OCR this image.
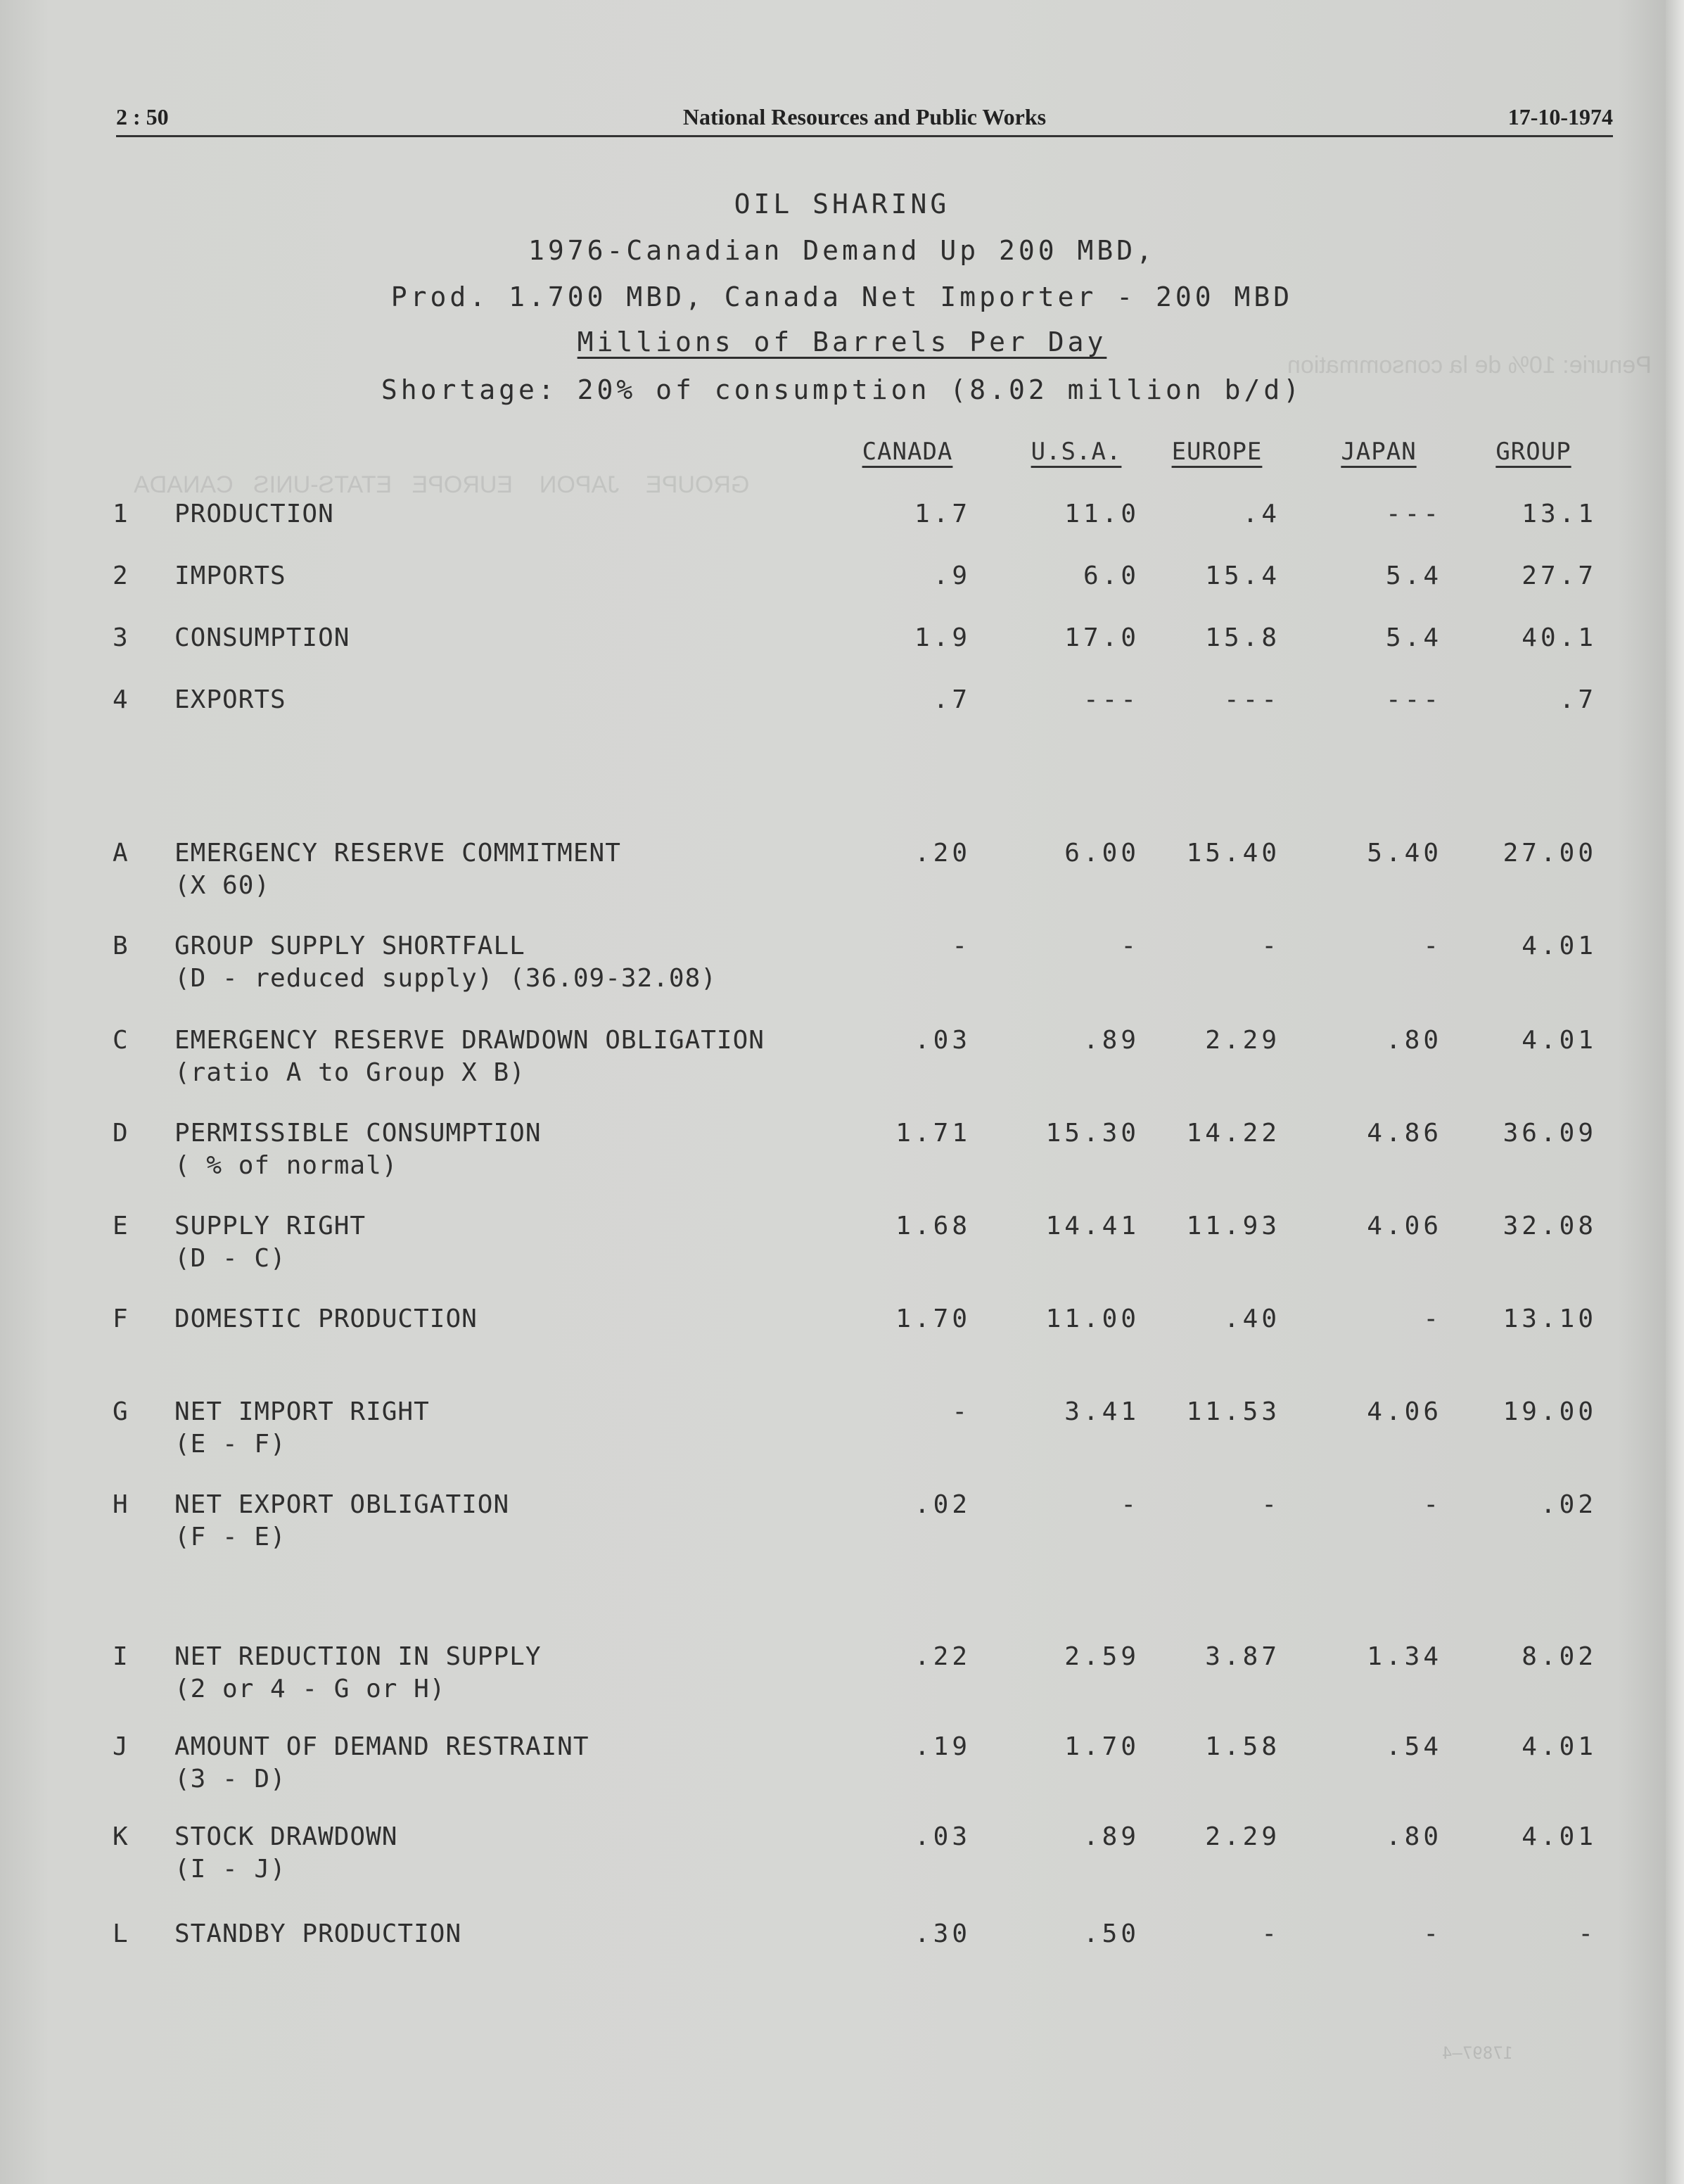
2 : 50	National Resources and Public Works	17-10-1974
OIL SHARING
1976-Canadian Demand Up 200 MBD,
Prod. 1.700 MBD, Canada Net Importer - 200 MBD
Millions of Barrels Per Day
Shortage: 20% of consumption (8.02 million b/d)
CANADA	U.S.A. EUROPE	JAPAN	GROUP
1 PRODUCTION	1.7	11.0	.4	---	13.1
2 IMPORTS	.9	6.0	15.4	5.4	27.7
3 CONSUMPTION	1.9	17.0	15.8	5.4	40.1
4 EXPORTS	.7	---	---	---	.7
A EMERGENCY RESERVE COMMITMENT
(X 60)
.20	6.00	15.40	5.40	27.00
B GROUP SUPPLY SHORTFALL
(D - reduced supply) (36.09-32.08)
-	-	-	-	4.01
C EMERGENCY RESERVE DRAWDOWN OBLIGATION
(ratio A to Group X B)
.03	.89	2.29	.80	4.01
D PERMISSIBLE CONSUMPTION
( % of normal)
1.71	15.30	14.22	4.86	36.09
E SUPPLY RIGHT
(D - C)
1.68	14.41	11.93	4.06	32.08
F DOMESTIC PRODUCTION	1.70	11.00	.40	-	13.10
G NET IMPORT RIGHT
(E - F)
-	3.41	11.53	4.06	19.00
H NET EXPORT OBLIGATION
(F - E)
.02	-	-	-	.02
I NET REDUCTION IN SUPPLY
(2 or 4 - G or H)
.22	2.59	3.87	1.34	8.02
J AMOUNT OF DEMAND RESTRAINT
(3 - D)
.19	1.70	1.58	.54	4.01
K STOCK DRAWDOWN
(I - J)
.03	.89	2.29	.80	4.01
L STANDBY PRODUCTION	.30	.50	-	-	-
GROUPE    JAPON    EUROPE   ETATS-UNIS   CANADA
Penurie: 10% de la consommation
17897—4
